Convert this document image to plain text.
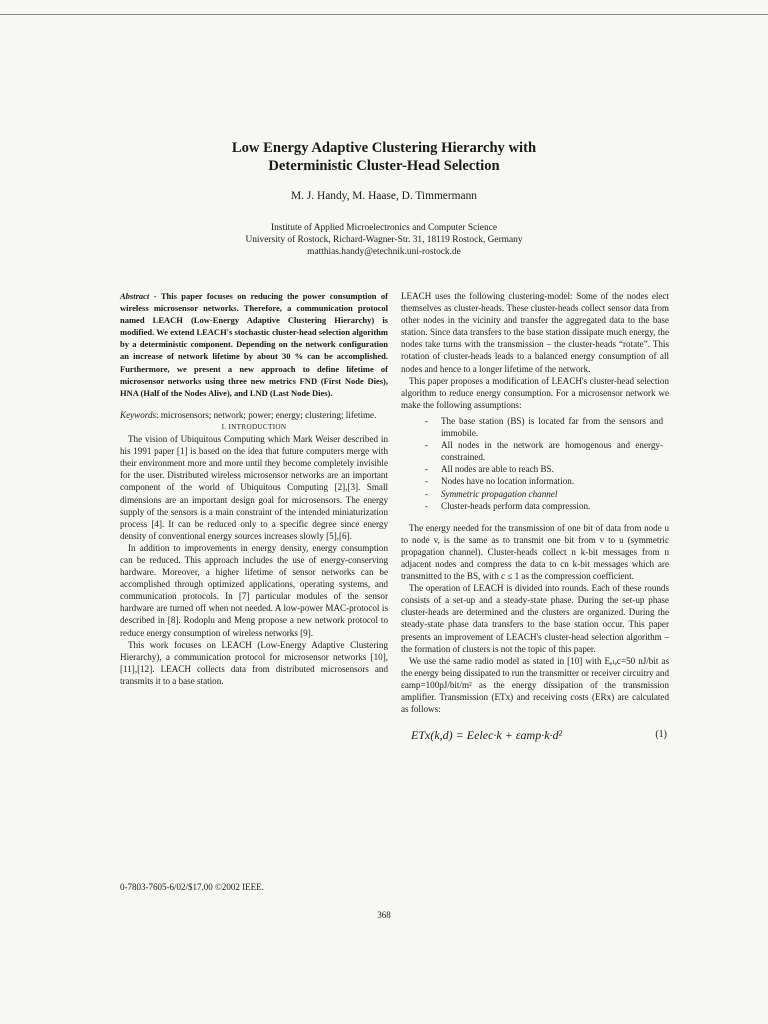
Low Energy Adaptive Clustering Hierarchy with
Deterministic Cluster-Head Selection
M. J. Handy, M. Haase, D. Timmermann
Institute of Applied Microelectronics and Computer Science
University of Rostock, Richard-Wagner-Str. 31, 18119 Rostock, Germany
matthias.handy@etechnik.uni-rostock.de

Abstract - This paper focuses on reducing the power consumption of wireless microsensor networks. Therefore, a communication protocol named LEACH (Low-Energy Adaptive Clustering Hierarchy) is modified. We extend LEACH's stochastic cluster-head selection algorithm by a deterministic component. Depending on the network configuration an increase of network lifetime by about 30 % can be accomplished. Furthermore, we present a new approach to define lifetime of microsensor networks using three new metrics FND (First Node Dies), HNA (Half of the Nodes Alive), and LND (Last Node Dies).

Keywords: microsensors; network; power; energy; clustering; lifetime.

I. INTRODUCTION

The vision of Ubiquitous Computing which Mark Weiser described in his 1991 paper [1] is based on the idea that future computers merge with their environment more and more until they become completely invisible for the user. Distributed wireless microsensor networks are an important component of the world of Ubiquitous Computing [2],[3]. Small dimensions are an important design goal for microsensors. The energy supply of the sensors is a main constraint of the intended miniaturization process [4]. It can be reduced only to a specific degree since energy density of conventional energy sources increases slowly [5],[6].

In addition to improvements in energy density, energy consumption can be reduced. This approach includes the use of energy-conserving hardware. Moreover, a higher lifetime of sensor networks can be accomplished through optimized applications, operating systems, and communication protocols. In [7] particular modules of the sensor hardware are turned off when not needed. A low-power MAC-protocol is described in [8]. Rodoplu and Meng propose a new network protocol to reduce energy consumption of wireless networks [9].

This work focuses on LEACH (Low-Energy Adaptive Clustering Hierarchy), a communication protocol for microsensor networks [10],[11],[12]. LEACH collects data from distributed microsensors and transmits it to a base station.

LEACH uses the following clustering-model: Some of the nodes elect themselves as cluster-heads. These cluster-heads collect sensor data from other nodes in the vicinity and transfer the aggregated data to the base station. Since data transfers to the base station dissipate much energy, the nodes take turns with the transmission – the cluster-heads “rotate”. This rotation of cluster-heads leads to a balanced energy consumption of all nodes and hence to a longer lifetime of the network.

This paper proposes a modification of LEACH's cluster-head selection algorithm to reduce energy consumption. For a microsensor network we make the following assumptions:

- The base station (BS) is located far from the sensors and immobile.
- All nodes in the network are homogenous and energy-constrained.
- All nodes are able to reach BS.
- Nodes have no location information.
- Symmetric propagation channel
- Cluster-heads perform data compression.

The energy needed for the transmission of one bit of data from node u to node v, is the same as to transmit one bit from v to u (symmetric propagation channel). Cluster-heads collect n k-bit messages from n adjacent nodes and compress the data to cn k-bit messages which are transmitted to the BS, with c ≤ 1 as the compression coefficient.

The operation of LEACH is divided into rounds. Each of these rounds consists of a set-up and a steady-state phase. During the set-up phase cluster-heads are determined and the clusters are organized. During the steady-state phase data transfers to the base station occur. This paper presents an improvement of LEACH's cluster-head selection algorithm – the formation of clusters is not the topic of this paper.

We use the same radio model as stated in [10] with Eₑₗₑc=50 nJ/bit as the energy being dissipated to run the transmitter or receiver circuitry and εamp=100pJ/bit/m² as the energy dissipation of the transmission amplifier. Transmission (ETx) and receiving costs (ERx) are calculated as follows:

ETx(k,d) = Eelec·k + εamp·k·d²	(1)
0-7803-7605-6/02/$17.00 ©2002 IEEE.
368
